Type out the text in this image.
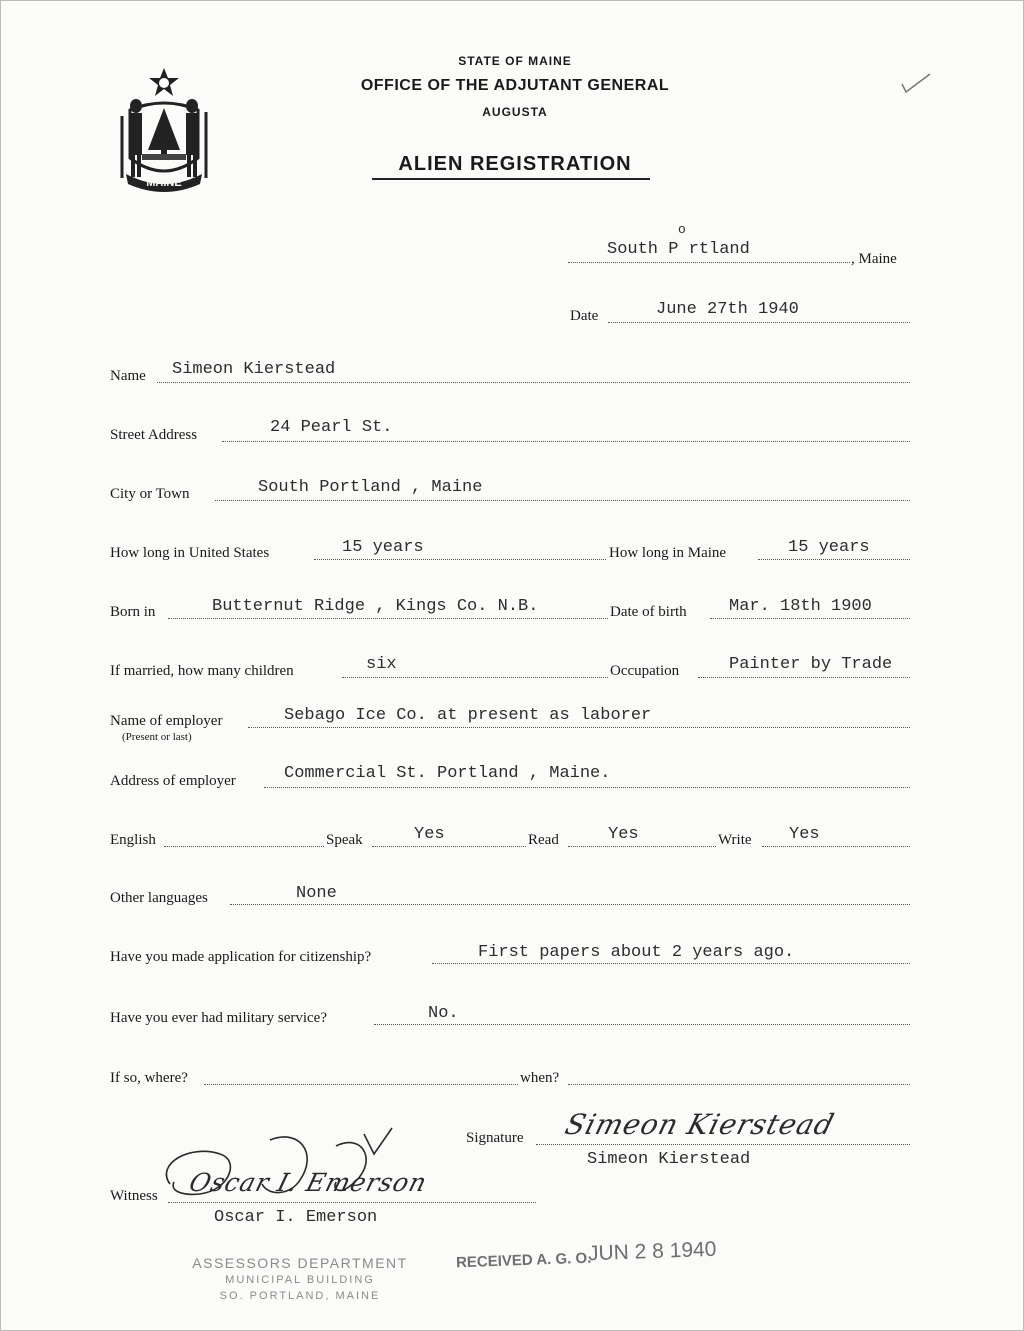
MAINE
STATE OF MAINE
OFFICE OF THE ADJUTANT GENERAL
AUGUSTA
ALIEN REGISTRATION
South P rtland
o
, Maine
Date	June 27th 1940
Name Simeon Kierstead
Street Address	24 Pearl St.
City or Town	South Portland , Maine
How long in United States	15 years	How long in Maine	15 years
Born in	Butternut Ridge , Kings Co. N.B.	Date of birth Mar. 18th 1900
If married, how many children	six	Occupation	Painter by Trade
Name of employer
(Present or last)
Sebago Ice Co. at present as laborer
Address of employer	Commercial St. Portland , Maine.
English	Speak	Yes	Read	Yes	Write Yes
Other languages	None
Have you made application for citizenship?	First papers about 2 years ago.
Have you ever had military service?	No.
If so, where?	when?
Signature Simeon Kierstead
Simeon Kierstead
Witness Oscar I. Emerson
Oscar I. Emerson
ASSESSORS DEPARTMENT
MUNICIPAL BUILDING
SO. PORTLAND, MAINE
RECEIVED A. G. O.
JUN 2 8 1940
